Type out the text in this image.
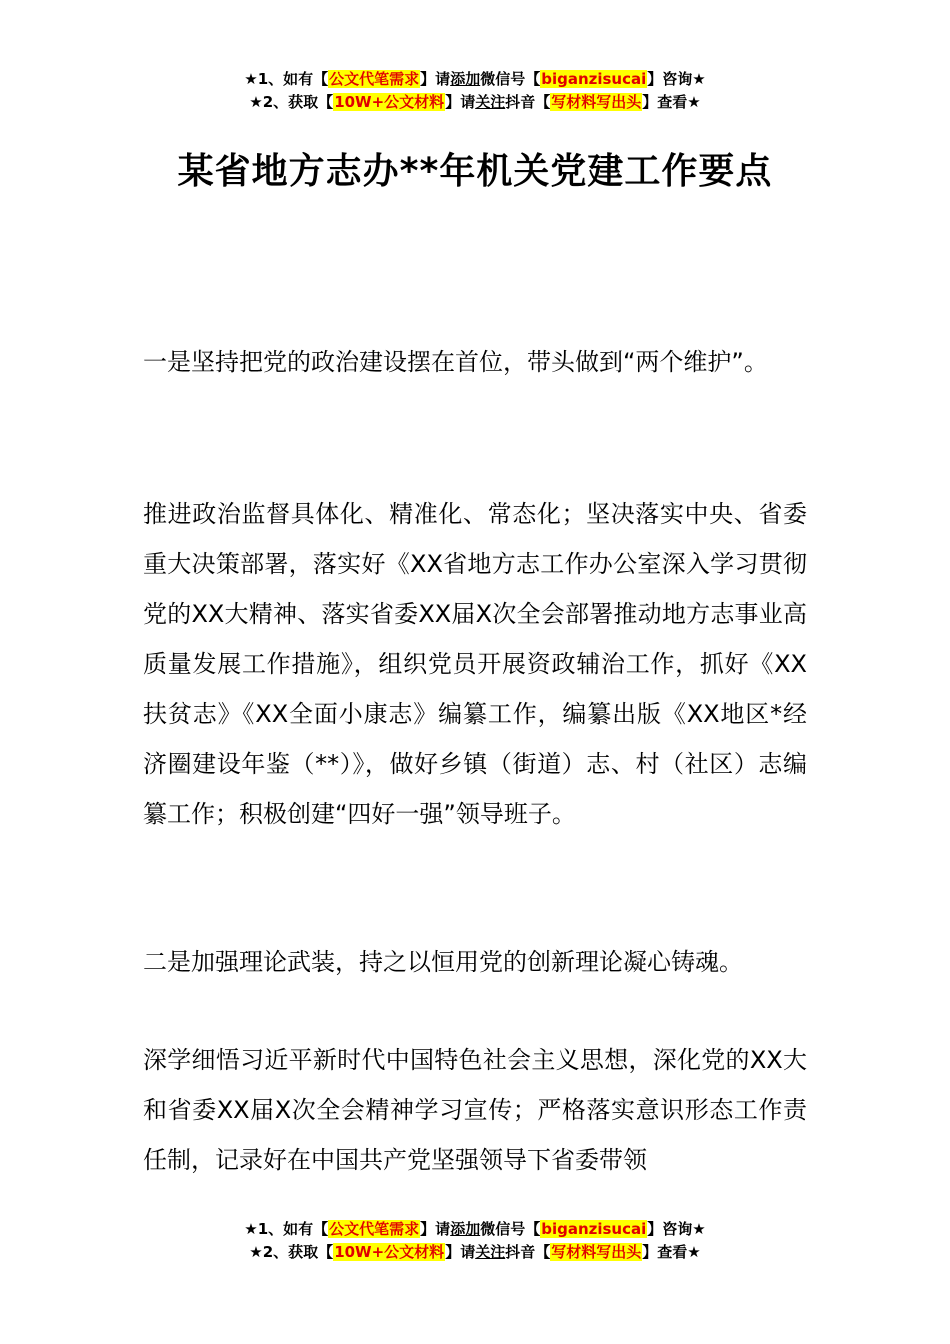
★1、如有【公文代笔需求】请添加微信号【biganzisucai】咨询★
★2、获取【10W+公文材料】请关注抖音【写材料写出头】查看★
某省地方志办**年机关党建工作要点

一是坚持把党的政治建设摆在首位，带头做到“两个维护”。

推进政治监督具体化、精准化、常态化；坚决落实中央、省委重大决策部署，落实好《XX省地方志工作办公室深入学习贯彻党的XX大精神、落实省委XX届X次全会部署推动地方志事业高质量发展工作措施》，组织党员开展资政辅治工作，抓好《XX扶贫志》《XX全面小康志》编纂工作，编纂出版《XX地区*经济圈建设年鉴（**）》，做好乡镇（街道）志、村（社区）志编纂工作；积极创建“四好一强”领导班子。

二是加强理论武装，持之以恒用党的创新理论凝心铸魂。

深学细悟习近平新时代中国特色社会主义思想，深化党的XX大和省委XX届X次全会精神学习宣传；严格落实意识形态工作责任制，记录好在中国共产党坚强领导下省委带领

★1、如有【公文代笔需求】请添加微信号【biganzisucai】咨询★
★2、获取【10W+公文材料】请关注抖音【写材料写出头】查看★
